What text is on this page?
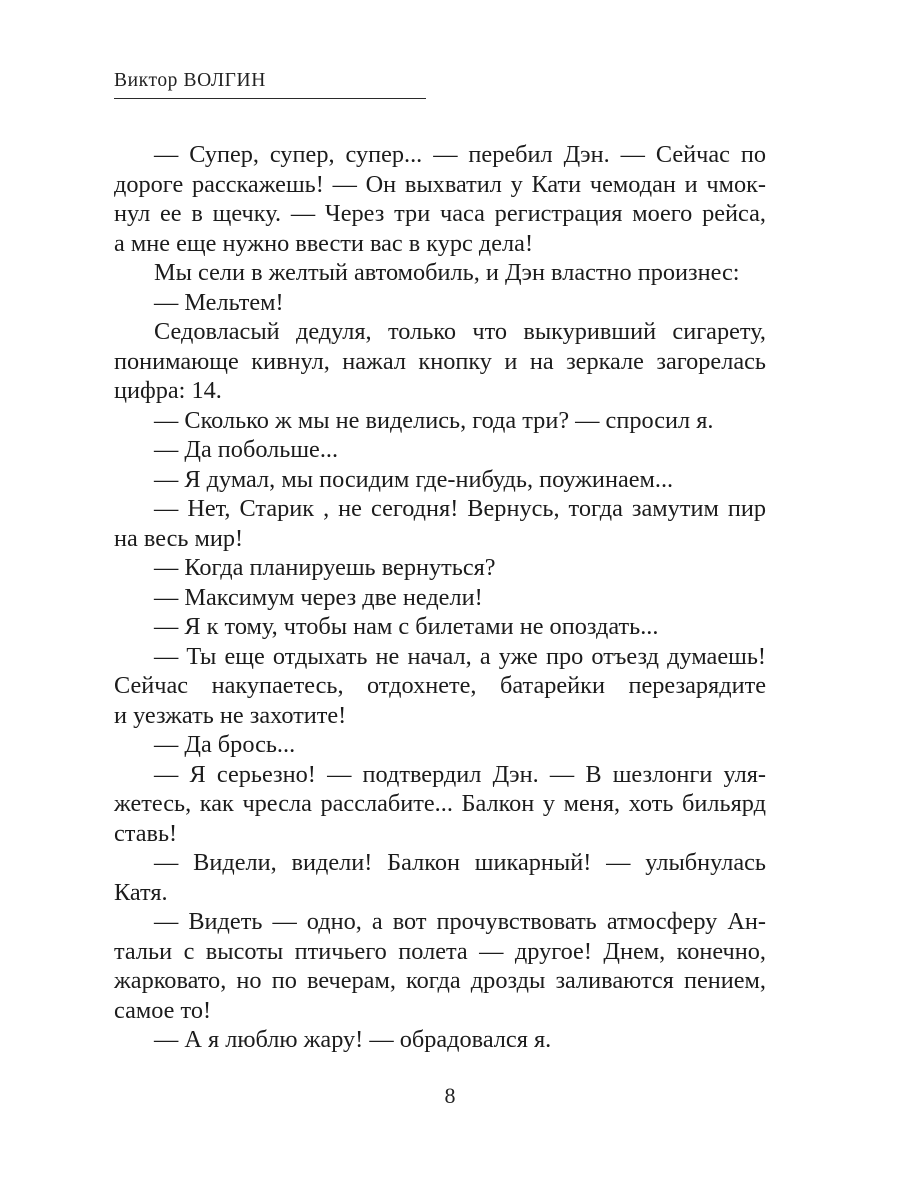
Виктор ВОЛГИН

— Супер, супер, супер... — перебил Дэн. — Сейчас по
дороге расскажешь! — Он выхватил у Кати чемодан и чмок-
нул ее в щечку. — Через три часа регистрация моего рейса,
а мне еще нужно ввести вас в курс дела!

Мы сели в желтый автомобиль, и Дэн властно произнес:

— Мельтем!

Седовласый дедуля, только что выкуривший сигарету,
понимающе кивнул, нажал кнопку и на зеркале загорелась
цифра: 14.

— Сколько ж мы не виделись, года три? — спросил я.

— Да побольше...

— Я думал, мы посидим где-нибудь, поужинаем...

— Нет, Старик , не сегодня! Вернусь, тогда замутим пир
на весь мир!

— Когда планируешь вернуться?

— Максимум через две недели!

— Я к тому, чтобы нам с билетами не опоздать...

— Ты еще отдыхать не начал, а уже про отъезд думаешь!
Сейчас накупаетесь, отдохнете, батарейки перезарядите
и уезжать не захотите!

— Да брось...

— Я серьезно! — подтвердил Дэн. — В шезлонги уля-
жетесь, как чресла расслабите... Балкон у меня, хоть бильярд
ставь!

— Видели, видели! Балкон шикарный! — улыбнулась
Катя.

— Видеть — одно, а вот прочувствовать атмосферу Ан-
тальи с высоты птичьего полета — другое! Днем, конечно,
жарковато, но по вечерам, когда дрозды заливаются пением,
самое то!

— А я люблю жару! — обрадовался я.

8
